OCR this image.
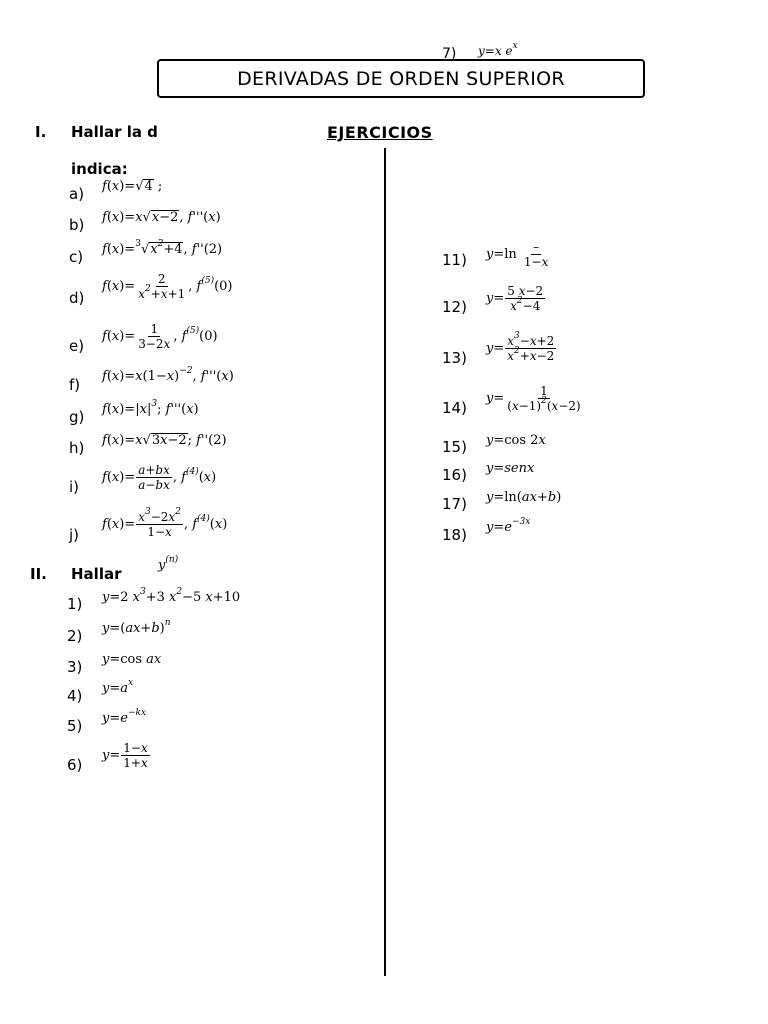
7) y=x $e^x$
DERIVADAS DE ORDEN SUPERIOR
I. Hallar la d	EJERCICIOS
indica:
a) f(x)=√4 ;
b) f(x)=x√x−2, f'''(x)
c) $f(x)=^3√x^2+4$, f''(2)
d)
$f(x)= \frac{2}{x^2+x+1}$ , $f^{(5)}(0)$
e)
$f(x)= \frac{1}{3-2x}$ , $f^{(5)}(0)$
f) $f(x)=x(1-x)^{-2}$, f'''(x)
g) $f(x)=|x|^3$; f'''(x)
h) f(x)=x√3x−2; f''(2)
i)
$f(x)= \frac{a+bx}{a-bx}$ , $f^{(4)}(x)$
j)
$f(x)= \frac{x^3-2x^2}{1-x}$ , $f^{(4)}(x)$
II. Hallar	$y^{(n)}$
1) y=2 $x^3+3$ $x^2-5$ x+10
2) $y=(ax+b)^n$
3) y=cos ax
4) $y=a^x$
5) $y=e^{-kx}$
6)
$y= \frac{1-x}{1+x}$
11) $y=\ln \frac{-}{1-x}$
12) $y= \frac{5 x-2}{x^2-4}$
13)
$y= \frac{x^3-x+2}{x^2+x-2}$
14)
$y= \frac{1}{(x-1)^2(x-2)}$
15) y=cos 2x
16) y=senx
17) y=ln(ax+b)
18) $y=e^{-3x}$
